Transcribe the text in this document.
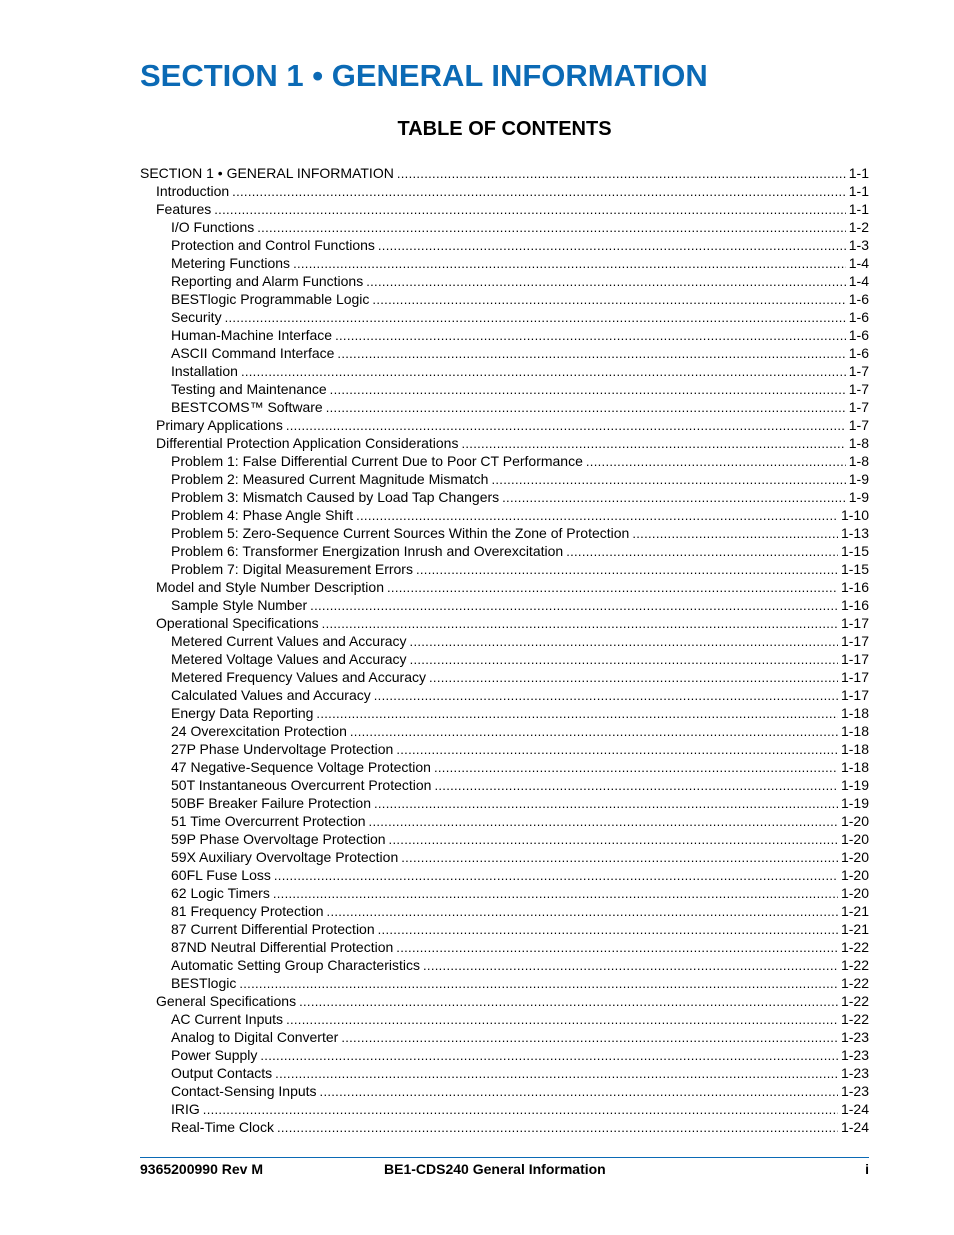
SECTION 1 • GENERAL INFORMATION
TABLE OF CONTENTS
SECTION 1 • GENERAL INFORMATION .....	1-1
Introduction .....	1-1
Features .....	1-1
I/O Functions .....	1-2
Protection and Control Functions .....	1-3
Metering Functions .....	1-4
Reporting and Alarm Functions .....	1-4
BESTlogic Programmable Logic .....	1-6
Security .....	1-6
Human-Machine Interface .....	1-6
ASCII Command Interface .....	1-6
Installation .....	1-7
Testing and Maintenance .....	1-7
BESTCOMS™ Software .....	1-7
Primary Applications .....	1-7
Differential Protection Application Considerations .....	1-8
Problem 1: False Differential Current Due to Poor CT Performance .....	1-8
Problem 2: Measured Current Magnitude Mismatch .....	1-9
Problem 3: Mismatch Caused by Load Tap Changers .....	1-9
Problem 4: Phase Angle Shift .....	1-10
Problem 5: Zero-Sequence Current Sources Within the Zone of Protection .....	1-13
Problem 6: Transformer Energization Inrush and Overexcitation .....	1-15
Problem 7: Digital Measurement Errors .....	1-15
Model and Style Number Description .....	1-16
Sample Style Number .....	1-16
Operational Specifications .....	1-17
Metered Current Values and Accuracy .....	1-17
Metered Voltage Values and Accuracy .....	1-17
Metered Frequency Values and Accuracy .....	1-17
Calculated Values and Accuracy .....	1-17
Energy Data Reporting .....	1-18
24 Overexcitation Protection .....	1-18
27P Phase Undervoltage Protection .....	1-18
47 Negative-Sequence Voltage Protection .....	1-18
50T Instantaneous Overcurrent Protection .....	1-19
50BF Breaker Failure Protection .....	1-19
51 Time Overcurrent Protection .....	1-20
59P Phase Overvoltage Protection .....	1-20
59X Auxiliary Overvoltage Protection .....	1-20
60FL Fuse Loss .....	1-20
62 Logic Timers .....	1-20
81 Frequency Protection .....	1-21
87 Current Differential Protection .....	1-21
87ND Neutral Differential Protection .....	1-22
Automatic Setting Group Characteristics .....	1-22
BESTlogic .....	1-22
General Specifications .....	1-22
AC Current Inputs .....	1-22
Analog to Digital Converter .....	1-23
Power Supply .....	1-23
Output Contacts .....	1-23
Contact-Sensing Inputs .....	1-23
IRIG .....	1-24
Real-Time Clock .....	1-24
9365200990 Rev M	BE1-CDS240 General Information	i
